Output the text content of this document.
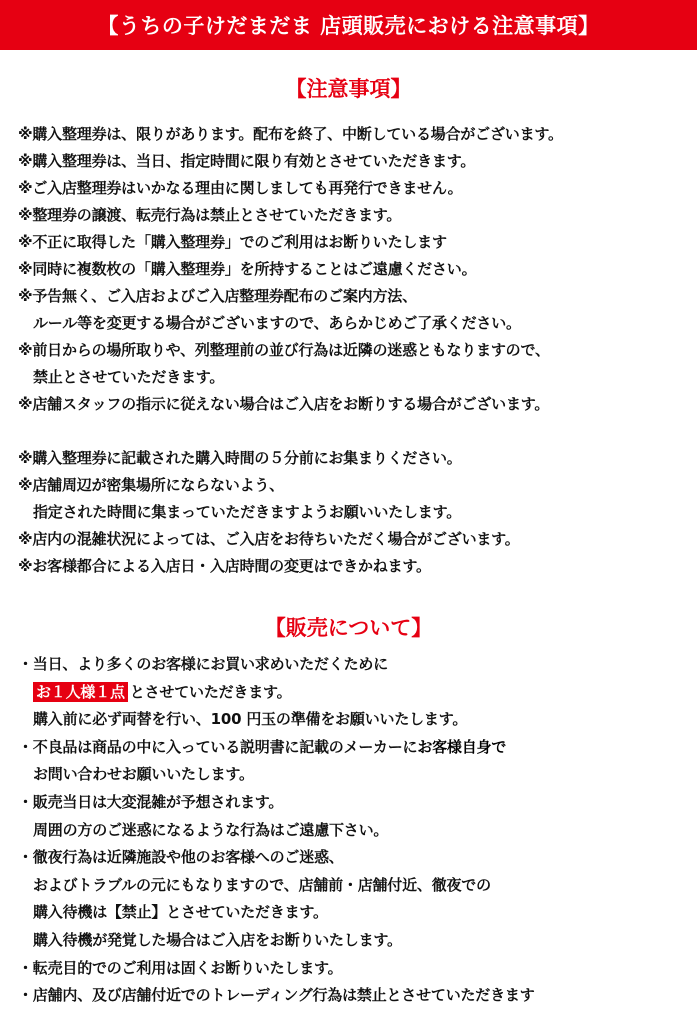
【うちの子けだまだま 店頭販売における注意事項】
【注意事項】
※購入整理券は、限りがあります。配布を終了、中断している場合がございます。
※購入整理券は、当日、指定時間に限り有効とさせていただきます。
※ご入店整理券はいかなる理由に関しましても再発行できません。
※整理券の譲渡、転売行為は禁止とさせていただきます。
※不正に取得した「購入整理券」でのご利用はお断りいたします
※同時に複数枚の「購入整理券」を所持することはご遠慮ください。
※予告無く、ご入店およびご入店整理券配布のご案内方法、
ルール等を変更する場合がございますので、あらかじめご了承ください。
※前日からの場所取りや、列整理前の並び行為は近隣の迷惑ともなりますので、
禁止とさせていただきます。
※店舗スタッフの指示に従えない場合はご入店をお断りする場合がございます。
※購入整理券に記載された購入時間の５分前にお集まりください。
※店舗周辺が密集場所にならないよう、
指定された時間に集まっていただきますようお願いいたします。
※店内の混雑状況によっては、ご入店をお待ちいただく場合がございます。
※お客様都合による入店日・入店時間の変更はできかねます。
【販売について】
・当日、より多くのお客様にお買い求めいただくために
お１人様１点 とさせていただきます。
購入前に必ず両替を行い、100 円玉の準備をお願いいたします。
・不良品は商品の中に入っている説明書に記載のメーカーにお客様自身で
お問い合わせお願いいたします。
・販売当日は大変混雑が予想されます。
周囲の方のご迷惑になるような行為はご遠慮下さい。
・徹夜行為は近隣施設や他のお客様へのご迷惑、
およびトラブルの元にもなりますので、店舗前・店舗付近、徹夜での
購入待機は【禁止】とさせていただきます。
購入待機が発覚した場合はご入店をお断りいたします。
・転売目的でのご利用は固くお断りいたします。
・店舗内、及び店舗付近でのトレーディング行為は禁止とさせていただきます
